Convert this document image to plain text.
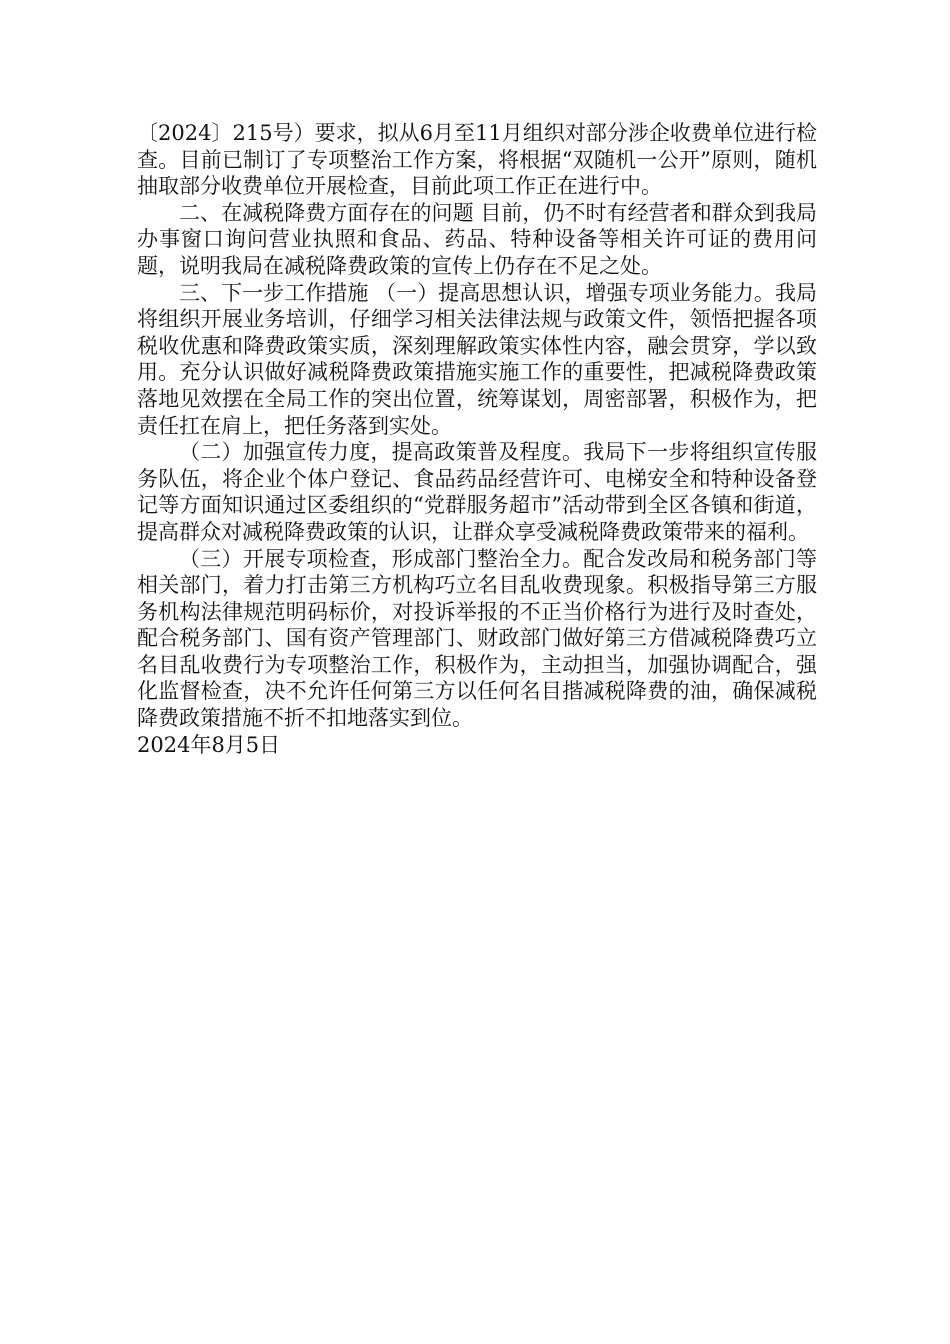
〔2024〕215号）要求，拟从6月至11月组织对部分涉企收费单位进行检查。目前已制订了专项整治工作方案，将根据“双随机一公开”原则，随机抽取部分收费单位开展检查，目前此项工作正在进行中。

二、在减税降费方面存在的问题 目前，仍不时有经营者和群众到我局办事窗口询问营业执照和食品、药品、特种设备等相关许可证的费用问题，说明我局在减税降费政策的宣传上仍存在不足之处。

三、下一步工作措施 （一）提高思想认识，增强专项业务能力。我局将组织开展业务培训，仔细学习相关法律法规与政策文件，领悟把握各项税收优惠和降费政策实质，深刻理解政策实体性内容，融会贯穿，学以致用。充分认识做好减税降费政策措施实施工作的重要性，把减税降费政策落地见效摆在全局工作的突出位置，统筹谋划，周密部署，积极作为，把责任扛在肩上，把任务落到实处。

（二）加强宣传力度，提高政策普及程度。我局下一步将组织宣传服务队伍，将企业个体户登记、食品药品经营许可、电梯安全和特种设备登记等方面知识通过区委组织的“党群服务超市”活动带到全区各镇和街道，提高群众对减税降费政策的认识，让群众享受减税降费政策带来的福利。

（三）开展专项检查，形成部门整治全力。配合发改局和税务部门等相关部门，着力打击第三方机构巧立名目乱收费现象。积极指导第三方服务机构法律规范明码标价，对投诉举报的不正当价格行为进行及时查处，配合税务部门、国有资产管理部门、财政部门做好第三方借减税降费巧立名目乱收费行为专项整治工作，积极作为，主动担当，加强协调配合，强化监督检查，决不允许任何第三方以任何名目揩减税降费的油，确保减税降费政策措施不折不扣地落实到位。

2024年8月5日
